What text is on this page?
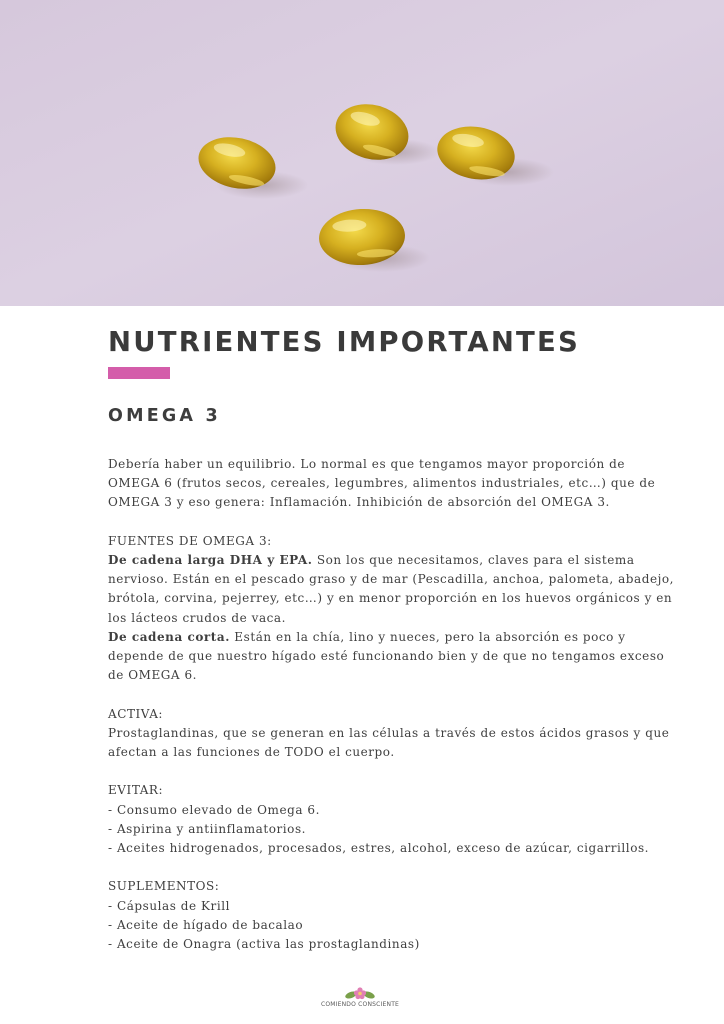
NUTRIENTES IMPORTANTES
OMEGA 3

Debería haber un equilibrio. Lo normal es que tengamos mayor proporción de OMEGA 6 (frutos secos, cereales, legumbres, alimentos industriales, etc…) que de OMEGA 3 y eso genera: Inflamación. Inhibición de absorción del OMEGA 3.

FUENTES DE OMEGA 3:

De cadena larga DHA y EPA. Son los que necesitamos, claves para el sistema nervioso. Están en el pescado graso y de mar (Pescadilla, anchoa, palometa, abadejo, brótola, corvina, pejerrey, etc…) y en menor proporción en los huevos orgánicos y en los lácteos crudos de vaca.

De cadena corta. Están en la chía, lino y nueces, pero la absorción es poco y depende de que nuestro hígado esté funcionando bien y de que no tengamos exceso de OMEGA 6.

ACTIVA:

Prostaglandinas, que se generan en las células a través de estos ácidos grasos y que afectan a las funciones de TODO el cuerpo.

EVITAR:

- Consumo elevado de Omega 6.

- Aspirina y antiinflamatorios.

- Aceites hidrogenados, procesados, estres, alcohol, exceso de azúcar, cigarrillos.

SUPLEMENTOS:

- Cápsulas de Krill

- Aceite de hígado de bacalao

- Aceite de Onagra (activa las prostaglandinas)

COMIENDO CONSCIENTE
